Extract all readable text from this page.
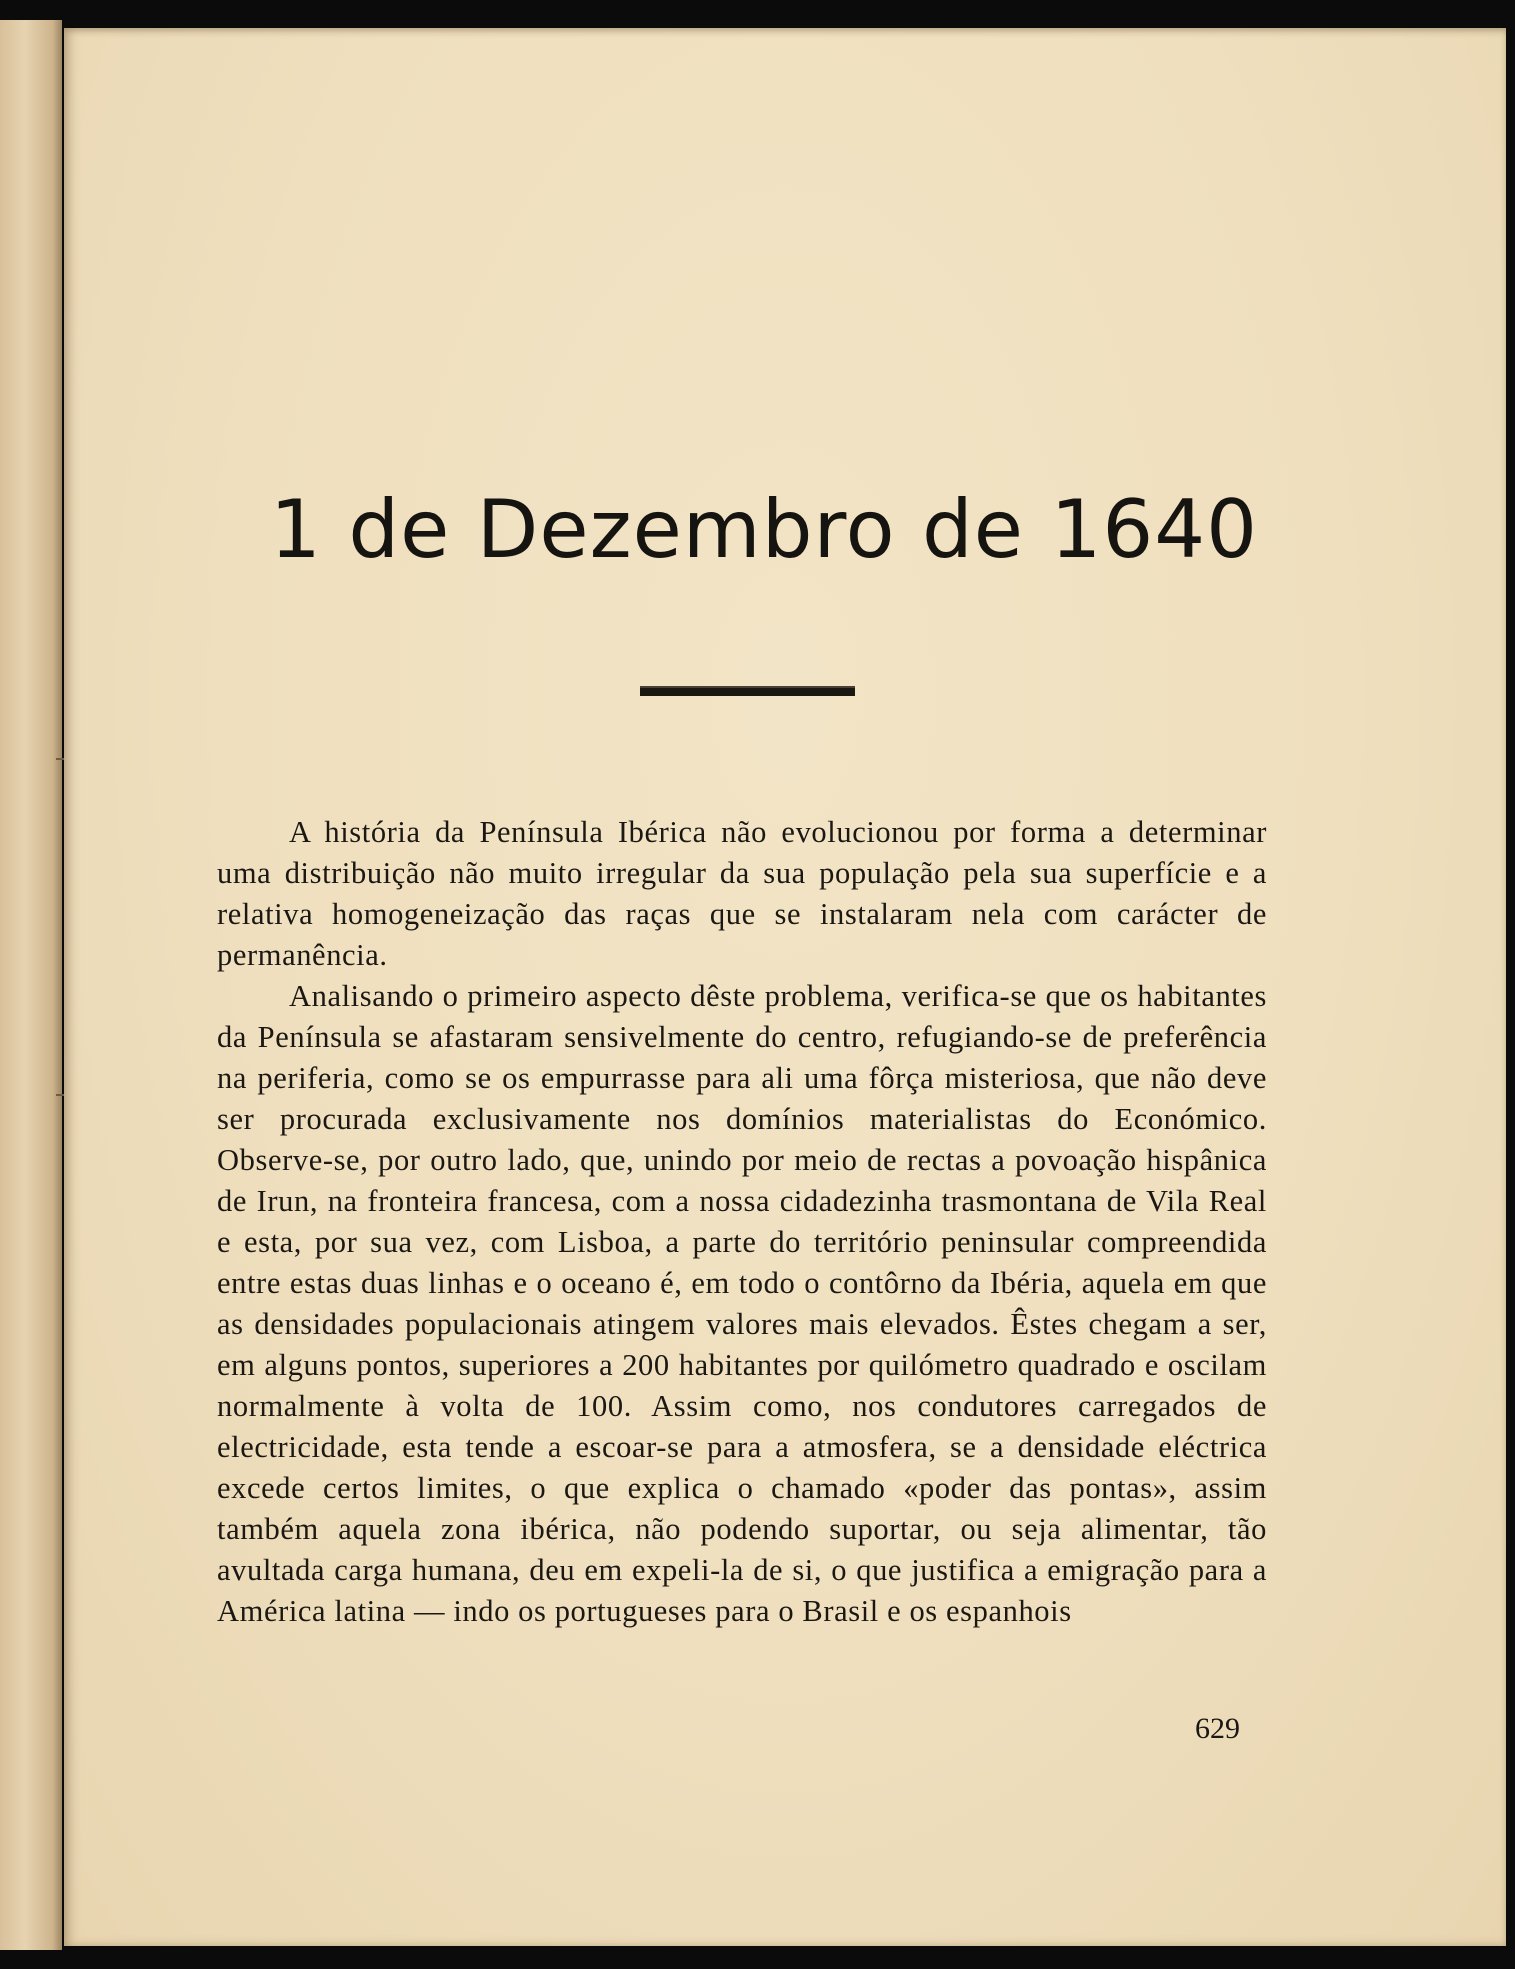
1 de Dezembro de 1640

A história da Península Ibérica não evolucionou por forma a determinar uma distribuição não muito irregular da sua população pela sua superfície e a relativa homogeneização das raças que se instalaram nela com carácter de permanência.

Analisando o primeiro aspecto dêste problema, verifica-se que os habitantes da Península se afastaram sensivelmente do centro, refugiando-se de preferência na periferia, como se os empurrasse para ali uma fôrça misteriosa, que não deve ser procurada exclusivamente nos domínios materialistas do Económico. Observe-se, por outro lado, que, unindo por meio de rectas a povoação hispânica de Irun, na fronteira francesa, com a nossa cidadezinha trasmontana de Vila Real e esta, por sua vez, com Lisboa, a parte do território peninsular compreendida entre estas duas linhas e o oceano é, em todo o contôrno da Ibéria, aquela em que as densidades populacionais atingem valores mais elevados. Êstes chegam a ser, em alguns pontos, superiores a 200 habitantes por quilómetro quadrado e oscilam normalmente à volta de 100. Assim como, nos condutores carregados de electricidade, esta tende a escoar-se para a atmosfera, se a densidade eléctrica excede certos limites, o que explica o chamado «poder das pontas», assim também aquela zona ibérica, não podendo suportar, ou seja alimentar, tão avultada carga humana, deu em expeli-la de si, o que justifica a emigração para a América latina — indo os portugueses para o Brasil e os espanhois

629
